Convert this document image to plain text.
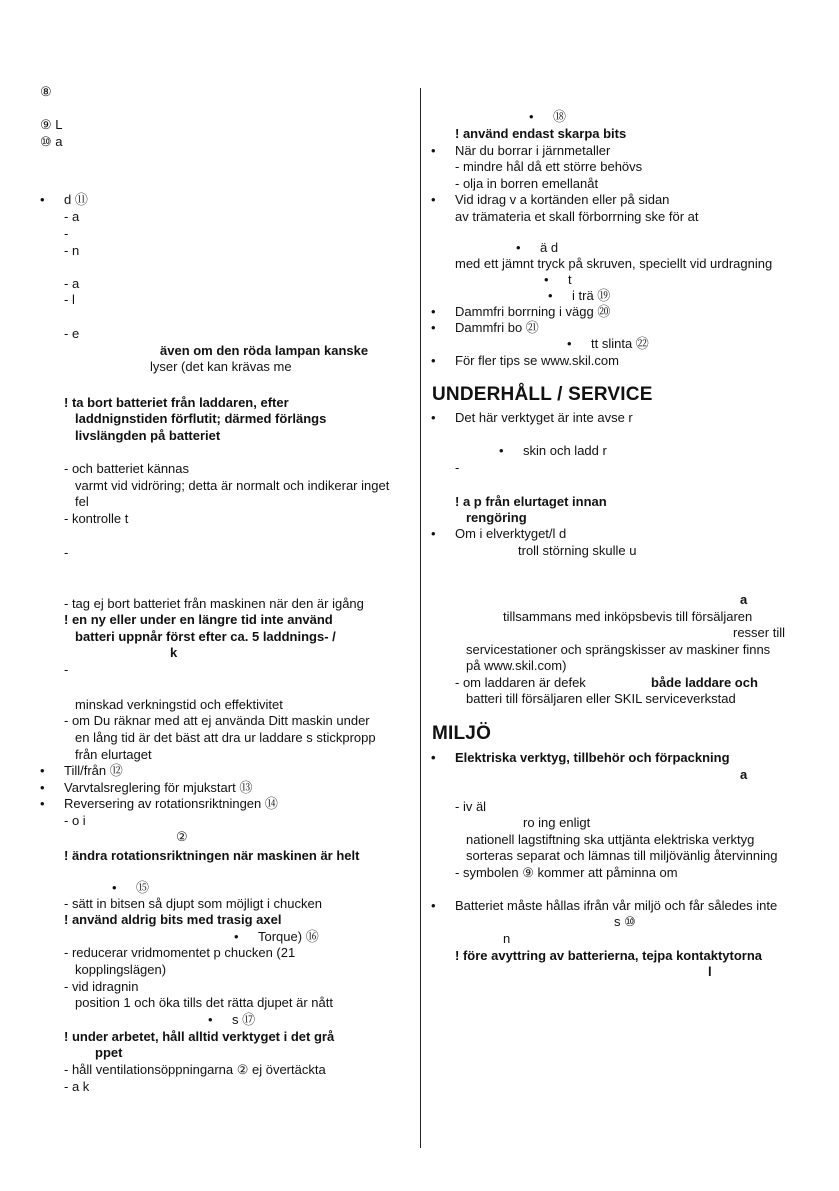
⑧
⑨ L
⑩ a
• d ⑪
- a
-
- n
- a
- l
- e
även om den röda lampan kanske
lyser (det kan krävas me
! ta bort batteriet från laddaren, efter
laddnignstiden förflutit; därmed förlängs
livslängden på batteriet
- och batteriet kännas
varmt vid vidröring; detta är normalt och indikerar inget
fel
- kontrolle t
-
- tag ej bort batteriet från maskinen när den är igång
! en ny eller under en längre tid inte använd
batteri uppnår först efter ca. 5 laddnings- /
k
-
minskad verkningstid och effektivitet
- om Du räknar med att ej använda Ditt maskin under
en lång tid är det bäst att dra ur laddare s stickpropp
från elurtaget
• Till/från ⑫
• Varvtalsreglering för mjukstart ⑬
• Reversering av rotationsriktningen ⑭
- o i
②
! ändra rotationsriktningen när maskinen är helt
• ⑮
- sätt in bitsen så djupt som möjligt i chucken
! använd aldrig bits med trasig axel
• Torque) ⑯
- reducerar vridmomentet p chucken (21
kopplingslägen)
- vid idragnin
position 1 och öka tills det rätta djupet är nått
• s ⑰
! under arbetet, håll alltid verktyget i det grå
ppet
- håll ventilationsöppningarna ② ej övertäckta
- a k
• ⑱
! använd endast skarpa bits
• När du borrar i järnmetaller
- mindre hål då ett större behövs
- olja in borren emellanåt
• Vid idrag v a kortänden eller på sidan
av trämateria et skall förborrning ske för at
• ä d
med ett jämnt tryck på skruven, speciellt vid urdragning
• t
• i trä ⑲
• Dammfri borrning i vägg ⑳
• Dammfri bo ㉑
• tt slinta ㉒
• För fler tips se www.skil.com
UNDERHÅLL / SERVICE
• Det här verktyget är inte avse r
• skin och ladd r
-
! a p från elurtaget innan
rengöring
• Om i elverktyget/l d
troll störning skulle u
a
tillsammans med inköpsbevis till försäljaren
resser till
servicestationer och sprängskisser av maskiner finns
på www.skil.com)
- om laddaren är defek	både laddare och
batteri till försäljaren eller SKIL serviceverkstad
MILJÖ
• Elektriska verktyg, tillbehör och förpackning
a
- iv äl
ro ing enligt
nationell lagstiftning ska uttjänta elektriska verktyg
sorteras separat och lämnas till miljövänlig återvinning
- symbolen ⑨ kommer att påminna om
• Batteriet måste hållas ifrån vår miljö och får således inte
s ⑩
n
! före avyttring av batterierna, tejpa kontaktytorna
l
